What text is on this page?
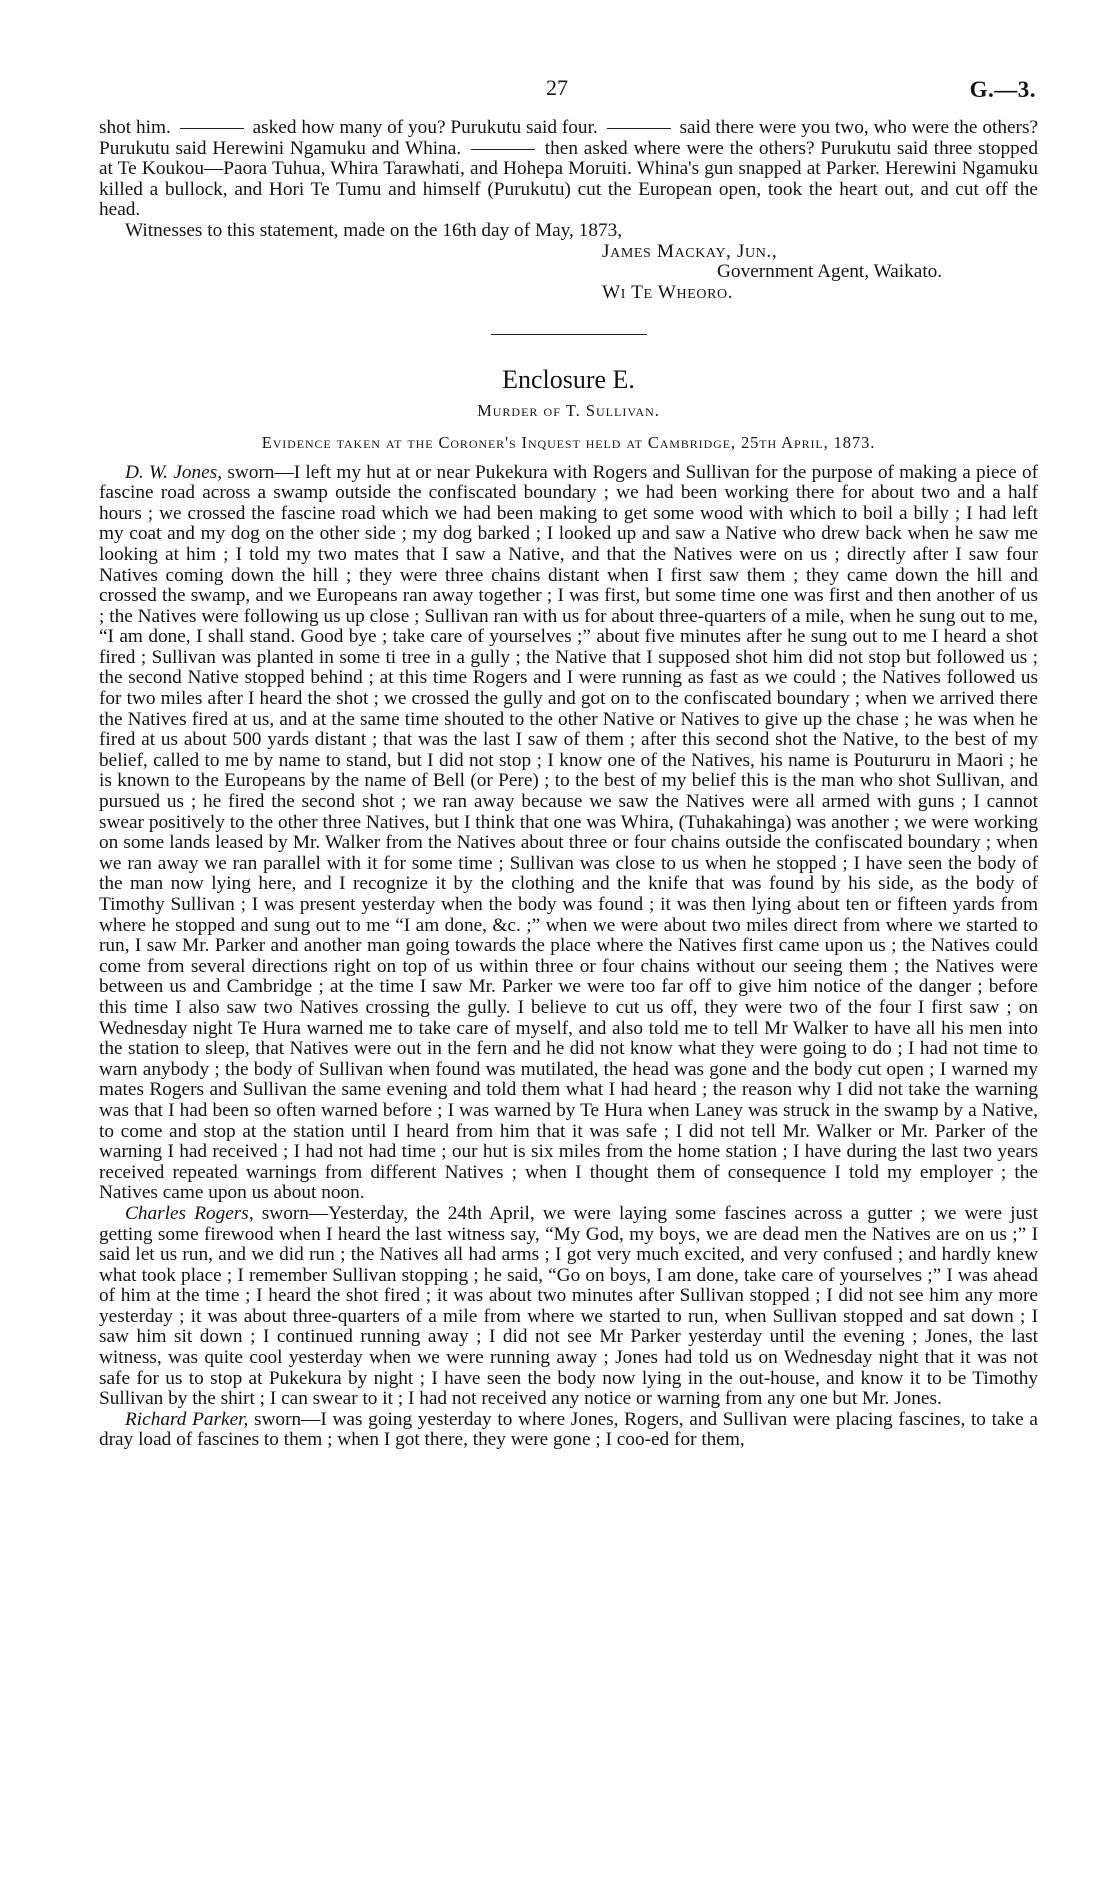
27	G.—3.

shot him.	asked how many of you? Purukutu said four.	said there were you two, who were the others? Purukutu said Herewini Ngamuku and Whina.	then asked where were the others? Purukutu said three stopped at Te Koukou—Paora Tuhua, Whira Tarawhati, and Hohepa Moruiti. Whina's gun snapped at Parker. Herewini Ngamuku killed a bullock, and Hori Te Tumu and himself (Purukutu) cut the European open, took the heart out, and cut off the head.

Witnesses to this statement, made on the 16th day of May, 1873,

James Mackay, Jun.,

Government Agent, Waikato.

Wi Te Wheoro.

Enclosure E.
Murder of T. Sullivan.
Evidence taken at the Coroner's Inquest held at Cambridge, 25th April, 1873.

D. W. Jones, sworn—I left my hut at or near Pukekura with Rogers and Sullivan for the purpose of making a piece of fascine road across a swamp outside the confiscated boundary ; we had been working there for about two and a half hours ; we crossed the fascine road which we had been making to get some wood with which to boil a billy ; I had left my coat and my dog on the other side ; my dog barked ; I looked up and saw a Native who drew back when he saw me looking at him ; I told my two mates that I saw a Native, and that the Natives were on us ; directly after I saw four Natives coming down the hill ; they were three chains distant when I first saw them ; they came down the hill and crossed the swamp, and we Europeans ran away together ; I was first, but some time one was first and then another of us ; the Natives were following us up close ; Sullivan ran with us for about three-quarters of a mile, when he sung out to me, “I am done, I shall stand. Good bye ; take care of yourselves ;” about five minutes after he sung out to me I heard a shot fired ; Sullivan was planted in some ti tree in a gully ; the Native that I supposed shot him did not stop but followed us ; the second Native stopped behind ; at this time Rogers and I were running as fast as we could ; the Natives followed us for two miles after I heard the shot ; we crossed the gully and got on to the confiscated boundary ; when we arrived there the Natives fired at us, and at the same time shouted to the other Native or Natives to give up the chase ; he was when he fired at us about 500 yards distant ; that was the last I saw of them ; after this second shot the Native, to the best of my belief, called to me by name to stand, but I did not stop ; I know one of the Natives, his name is Poutururu in Maori ; he is known to the Europeans by the name of Bell (or Pere) ; to the best of my belief this is the man who shot Sullivan, and pursued us ; he fired the second shot ; we ran away because we saw the Natives were all armed with guns ; I cannot swear positively to the other three Natives, but I think that one was Whira, (Tuhakahinga) was another ; we were working on some lands leased by Mr. Walker from the Natives about three or four chains outside the confiscated boundary ; when we ran away we ran parallel with it for some time ; Sullivan was close to us when he stopped ; I have seen the body of the man now lying here, and I recognize it by the clothing and the knife that was found by his side, as the body of Timothy Sullivan ; I was present yesterday when the body was found ; it was then lying about ten or fifteen yards from where he stopped and sung out to me “I am done, &c. ;” when we were about two miles direct from where we started to run, I saw Mr. Parker and another man going towards the place where the Natives first came upon us ; the Natives could come from several directions right on top of us within three or four chains without our seeing them ; the Natives were between us and Cambridge ; at the time I saw Mr. Parker we were too far off to give him notice of the danger ; before this time I also saw two Natives crossing the gully. I believe to cut us off, they were two of the four I first saw ; on Wednesday night Te Hura warned me to take care of myself, and also told me to tell Mr Walker to have all his men into the station to sleep, that Natives were out in the fern and he did not know what they were going to do ; I had not time to warn anybody ; the body of Sullivan when found was mutilated, the head was gone and the body cut open ; I warned my mates Rogers and Sullivan the same evening and told them what I had heard ; the reason why I did not take the warning was that I had been so often warned before ; I was warned by Te Hura when Laney was struck in the swamp by a Native, to come and stop at the station until I heard from him that it was safe ; I did not tell Mr. Walker or Mr. Parker of the warning I had received ; I had not had time ; our hut is six miles from the home station ; I have during the last two years received repeated warnings from different Natives ; when I thought them of consequence I told my employer ; the Natives came upon us about noon.

Charles Rogers, sworn—Yesterday, the 24th April, we were laying some fascines across a gutter ; we were just getting some firewood when I heard the last witness say, “My God, my boys, we are dead men the Natives are on us ;” I said let us run, and we did run ; the Natives all had arms ; I got very much excited, and very confused ; and hardly knew what took place ; I remember Sullivan stopping ; he said, “Go on boys, I am done, take care of yourselves ;” I was ahead of him at the time ; I heard the shot fired ; it was about two minutes after Sullivan stopped ; I did not see him any more yesterday ; it was about three-quarters of a mile from where we started to run, when Sullivan stopped and sat down ; I saw him sit down ; I continued running away ; I did not see Mr Parker yesterday until the evening ; Jones, the last witness, was quite cool yesterday when we were running away ; Jones had told us on Wednesday night that it was not safe for us to stop at Pukekura by night ; I have seen the body now lying in the out-house, and know it to be Timothy Sullivan by the shirt ; I can swear to it ; I had not received any notice or warning from any one but Mr. Jones.

Richard Parker, sworn—I was going yesterday to where Jones, Rogers, and Sullivan were placing fascines, to take a dray load of fascines to them ; when I got there, they were gone ; I coo-ed for them,
